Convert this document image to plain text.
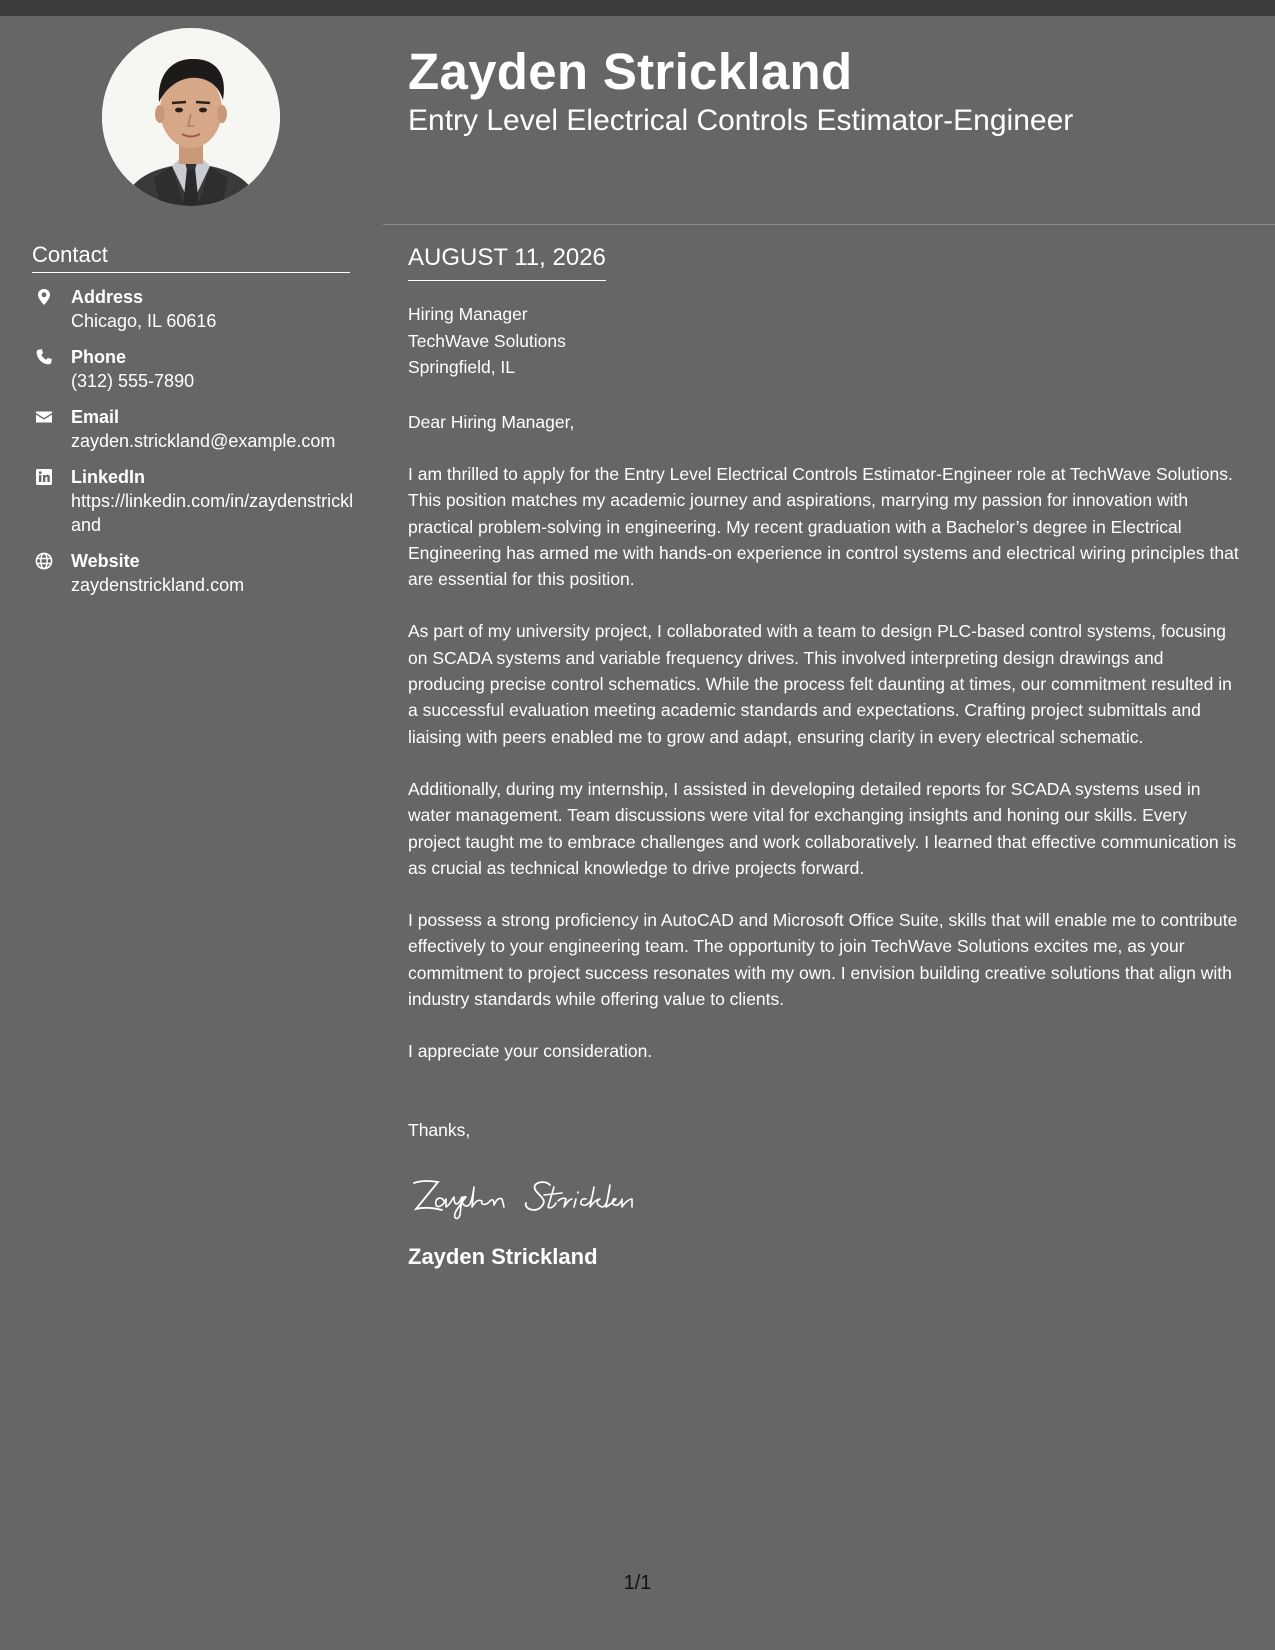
Zayden Strickland
Entry Level Electrical Controls Estimator-Engineer
Contact
Address
Chicago, IL 60616
Phone
(312) 555-7890
Email
zayden.strickland@example.com
LinkedIn
https://linkedin.com/in/zaydenstrickland
Website
zaydenstrickland.com
AUGUST 11, 2026
Hiring Manager
TechWave Solutions
Springfield, IL
Dear Hiring Manager,
I am thrilled to apply for the Entry Level Electrical Controls Estimator-Engineer role at TechWave Solutions. This position matches my academic journey and aspirations, marrying my passion for innovation with practical problem-solving in engineering. My recent graduation with a Bachelor’s degree in Electrical Engineering has armed me with hands-on experience in control systems and electrical wiring principles that are essential for this position.
As part of my university project, I collaborated with a team to design PLC-based control systems, focusing on SCADA systems and variable frequency drives. This involved interpreting design drawings and producing precise control schematics. While the process felt daunting at times, our commitment resulted in a successful evaluation meeting academic standards and expectations. Crafting project submittals and liaising with peers enabled me to grow and adapt, ensuring clarity in every electrical schematic.
Additionally, during my internship, I assisted in developing detailed reports for SCADA systems used in water management. Team discussions were vital for exchanging insights and honing our skills. Every project taught me to embrace challenges and work collaboratively. I learned that effective communication is as crucial as technical knowledge to drive projects forward.
I possess a strong proficiency in AutoCAD and Microsoft Office Suite, skills that will enable me to contribute effectively to your engineering team. The opportunity to join TechWave Solutions excites me, as your commitment to project success resonates with my own. I envision building creative solutions that align with industry standards while offering value to clients.
I appreciate your consideration.
Thanks,
Zayden Strickland
1/1
